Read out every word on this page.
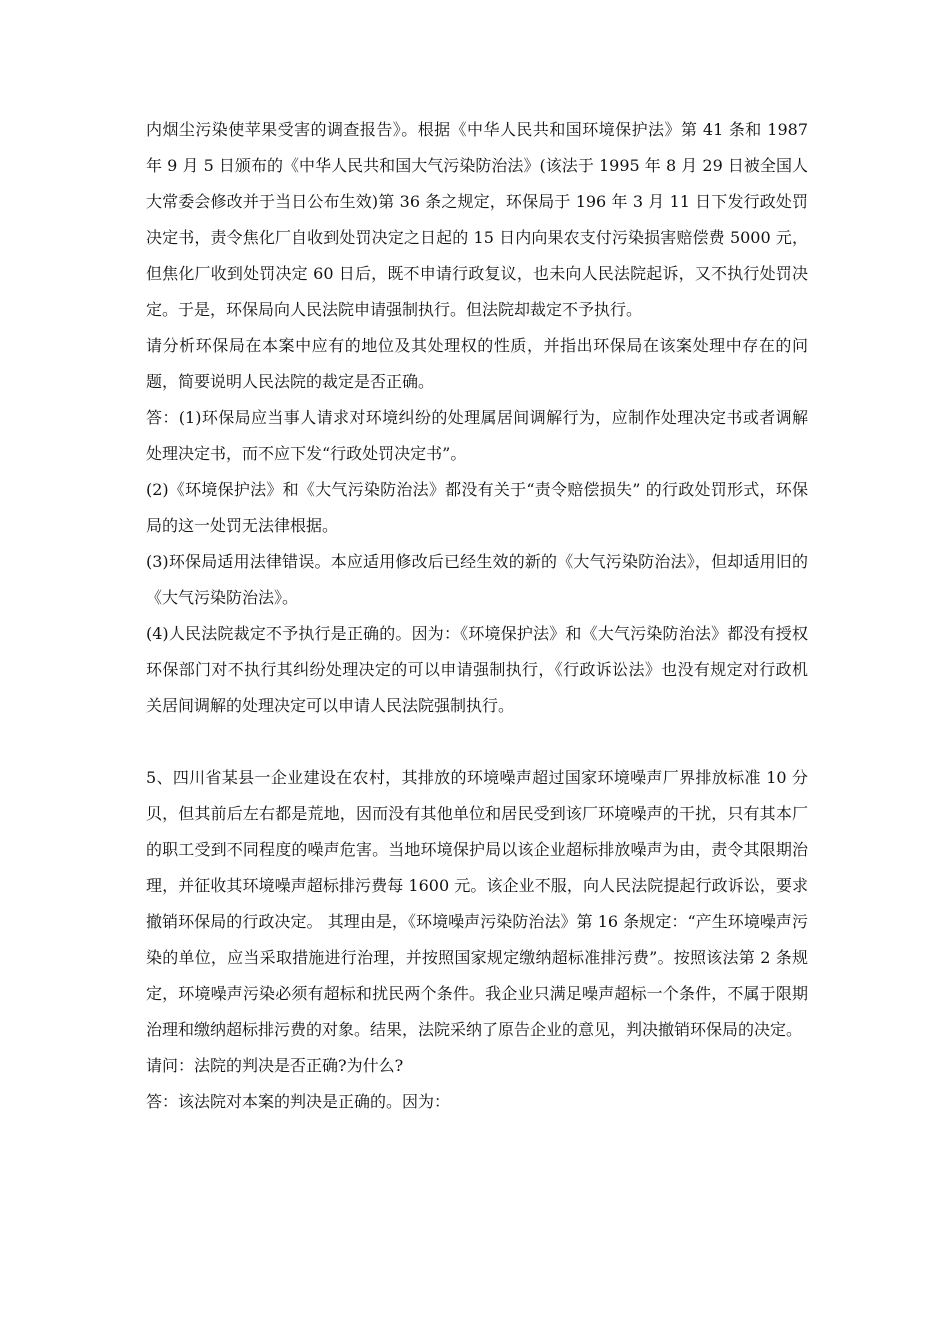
内烟尘污染使苹果受害的调查报告》。根据《中华人民共和国环境保护法》第 41 条和 1987 年 9 月 5 日颁布的《中华人民共和国大气污染防治法》(该法于 1995 年 8 月 29 日被全国人大常委会修改并于当日公布生效)第 36 条之规定，环保局于 196 年 3 月 11 日下发行政处罚决定书，责令焦化厂自收到处罚决定之日起的 15 日内向果农支付污染损害赔偿费 5000 元，但焦化厂收到处罚决定 60 日后，既不申请行政复议，也未向人民法院起诉，又不执行处罚决定。于是，环保局向人民法院申请强制执行。但法院却裁定不予执行。

请分析环保局在本案中应有的地位及其处理权的性质，并指出环保局在该案处理中存在的问题，简要说明人民法院的裁定是否正确。

答：(1)环保局应当事人请求对环境纠纷的处理属居间调解行为，应制作处理决定书或者调解处理决定书，而不应下发“行政处罚决定书”。

(2)《环境保护法》和《大气污染防治法》都没有关于“责令赔偿损失” 的行政处罚形式，环保局的这一处罚无法律根据。

(3)环保局适用法律错误。本应适用修改后已经生效的新的《大气污染防治法》，但却适用旧的《大气污染防治法》。

(4)人民法院裁定不予执行是正确的。因为：《环境保护法》和《大气污染防治法》都没有授权环保部门对不执行其纠纷处理决定的可以申请强制执行，《行政诉讼法》也没有规定对行政机关居间调解的处理决定可以申请人民法院强制执行。

5、四川省某县一企业建设在农村，其排放的环境噪声超过国家环境噪声厂界排放标准 10 分贝，但其前后左右都是荒地，因而没有其他单位和居民受到该厂环境噪声的干扰，只有其本厂的职工受到不同程度的噪声危害。当地环境保护局以该企业超标排放噪声为由，责令其限期治理，并征收其环境噪声超标排污费每 1600 元。该企业不服，向人民法院提起行政诉讼，要求撤销环保局的行政决定。 其理由是，《环境噪声污染防治法》第 16 条规定：“产生环境噪声污染的单位，应当采取措施进行治理，并按照国家规定缴纳超标准排污费”。按照该法第 2 条规定，环境噪声污染必须有超标和扰民两个条件。我企业只满足噪声超标一个条件，不属于限期治理和缴纳超标排污费的对象。结果，法院采纳了原告企业的意见，判决撤销环保局的决定。

请问：法院的判决是否正确?为什么?

答：该法院对本案的判决是正确的。因为：
